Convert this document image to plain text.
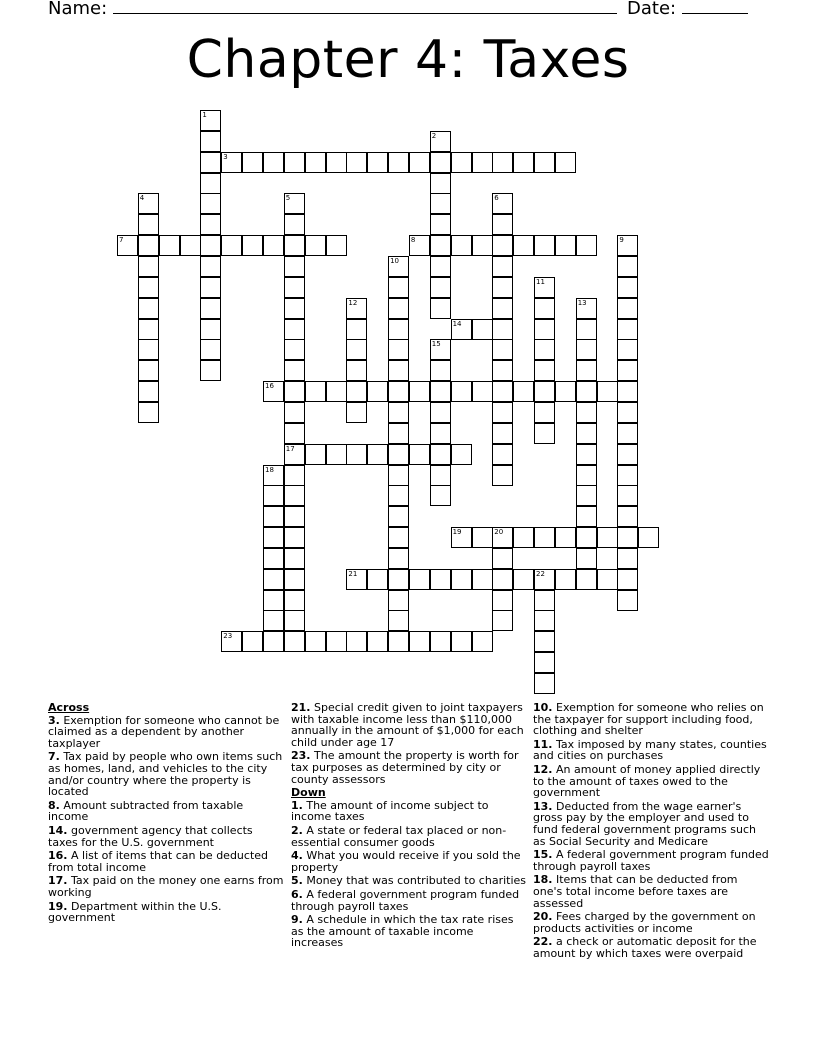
Name:	Date:
Chapter 4: Taxes
1
2
3
4	5
17
6
7	8	9
10
11
12	13
14
15
16
18
19	20
21	22
23
Across
3. Exemption for someone who cannot be claimed as a dependent by another taxplayer
7. Tax paid by people who own items such as homes, land, and vehicles to the city and/or country where the property is located
8. Amount subtracted from taxable income
14. government agency that collects taxes for the U.S. government
16. A list of items that can be deducted from total income
17. Tax paid on the money one earns from working
19. Department within the U.S. government
21. Special credit given to joint taxpayers with taxable income less than $110,000 annually in the amount of $1,000 for each child under age 17
23. The amount the property is worth for tax purposes as determined by city or county assessors
Down
1. The amount of income subject to income taxes
2. A state or federal tax placed or non-essential consumer goods
4. What you would receive if you sold the property
5. Money that was contributed to charities
6. A federal government program funded through payroll taxes
9. A schedule in which the tax rate rises as the amount of taxable income increases
10. Exemption for someone who relies on the taxpayer for support including food, clothing and shelter
11. Tax imposed by many states, counties and cities on purchases
12. An amount of money applied directly to the amount of taxes owed to the government
13. Deducted from the wage earner's gross pay by the employer and used to fund federal government programs such as Social Security and Medicare
15. A federal government program funded through payroll taxes
18. Items that can be deducted from one's total income before taxes are assessed
20. Fees charged by the government on products activities or income
22. a check or automatic deposit for the amount by which taxes were overpaid
